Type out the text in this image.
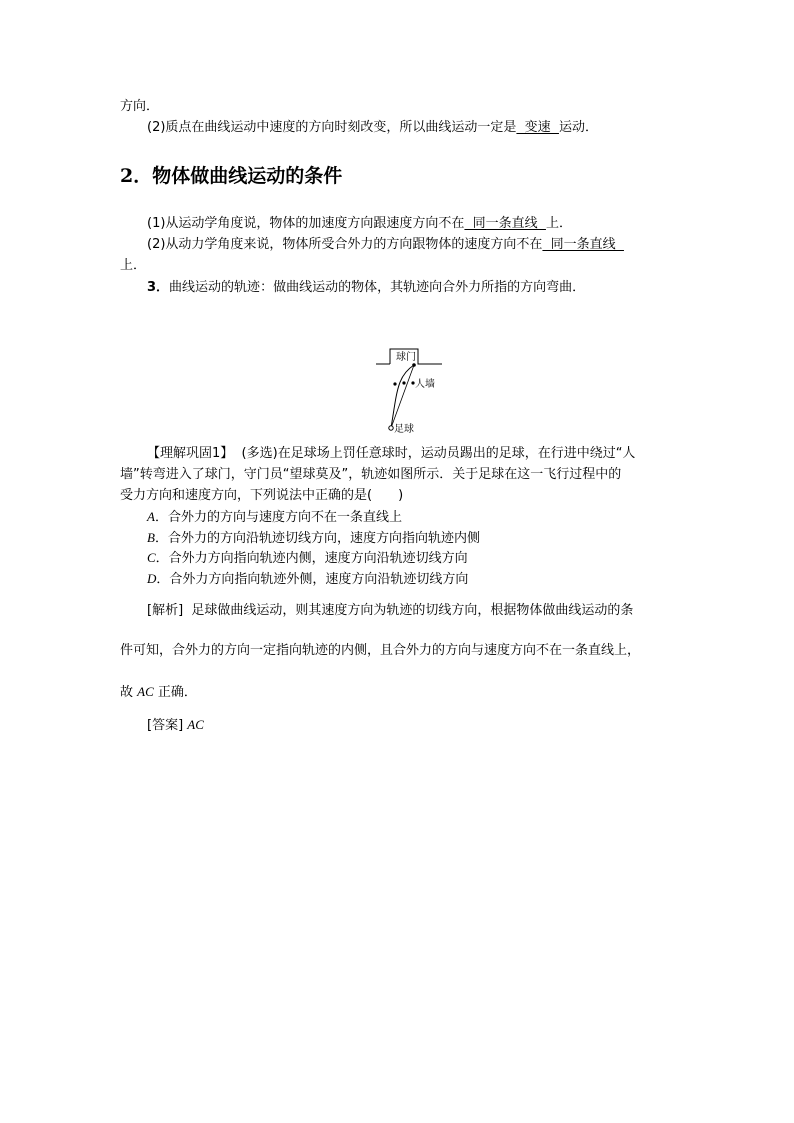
方向．
(2)质点在曲线运动中速度的方向时刻改变，所以曲线运动一定是  变速  运动．
2．物体做曲线运动的条件
(1)从运动学角度说，物体的加速度方向跟速度方向不在  同一条直线  上．
(2)从动力学角度来说，物体所受合外力的方向跟物体的速度方向不在  同一条直线
上．
3．曲线运动的轨迹：做曲线运动的物体，其轨迹向合外力所指的方向弯曲．
球门
人墙
足球
【理解巩固1】 (多选)在足球场上罚任意球时，运动员踢出的足球，在行进中绕过“人
墙”转弯进入了球门，守门员“望球莫及”，轨迹如图所示．关于足球在这一飞行过程中的
受力方向和速度方向，下列说法中正确的是(　　)
A．合外力的方向与速度方向不在一条直线上
B．合外力的方向沿轨迹切线方向，速度方向指向轨迹内侧
C．合外力方向指向轨迹内侧，速度方向沿轨迹切线方向
D．合外力方向指向轨迹外侧，速度方向沿轨迹切线方向
[解析] 足球做曲线运动，则其速度方向为轨迹的切线方向，根据物体做曲线运动的条
件可知，合外力的方向一定指向轨迹的内侧，且合外力的方向与速度方向不在一条直线上，
故 AC 正确．
[答案] AC
